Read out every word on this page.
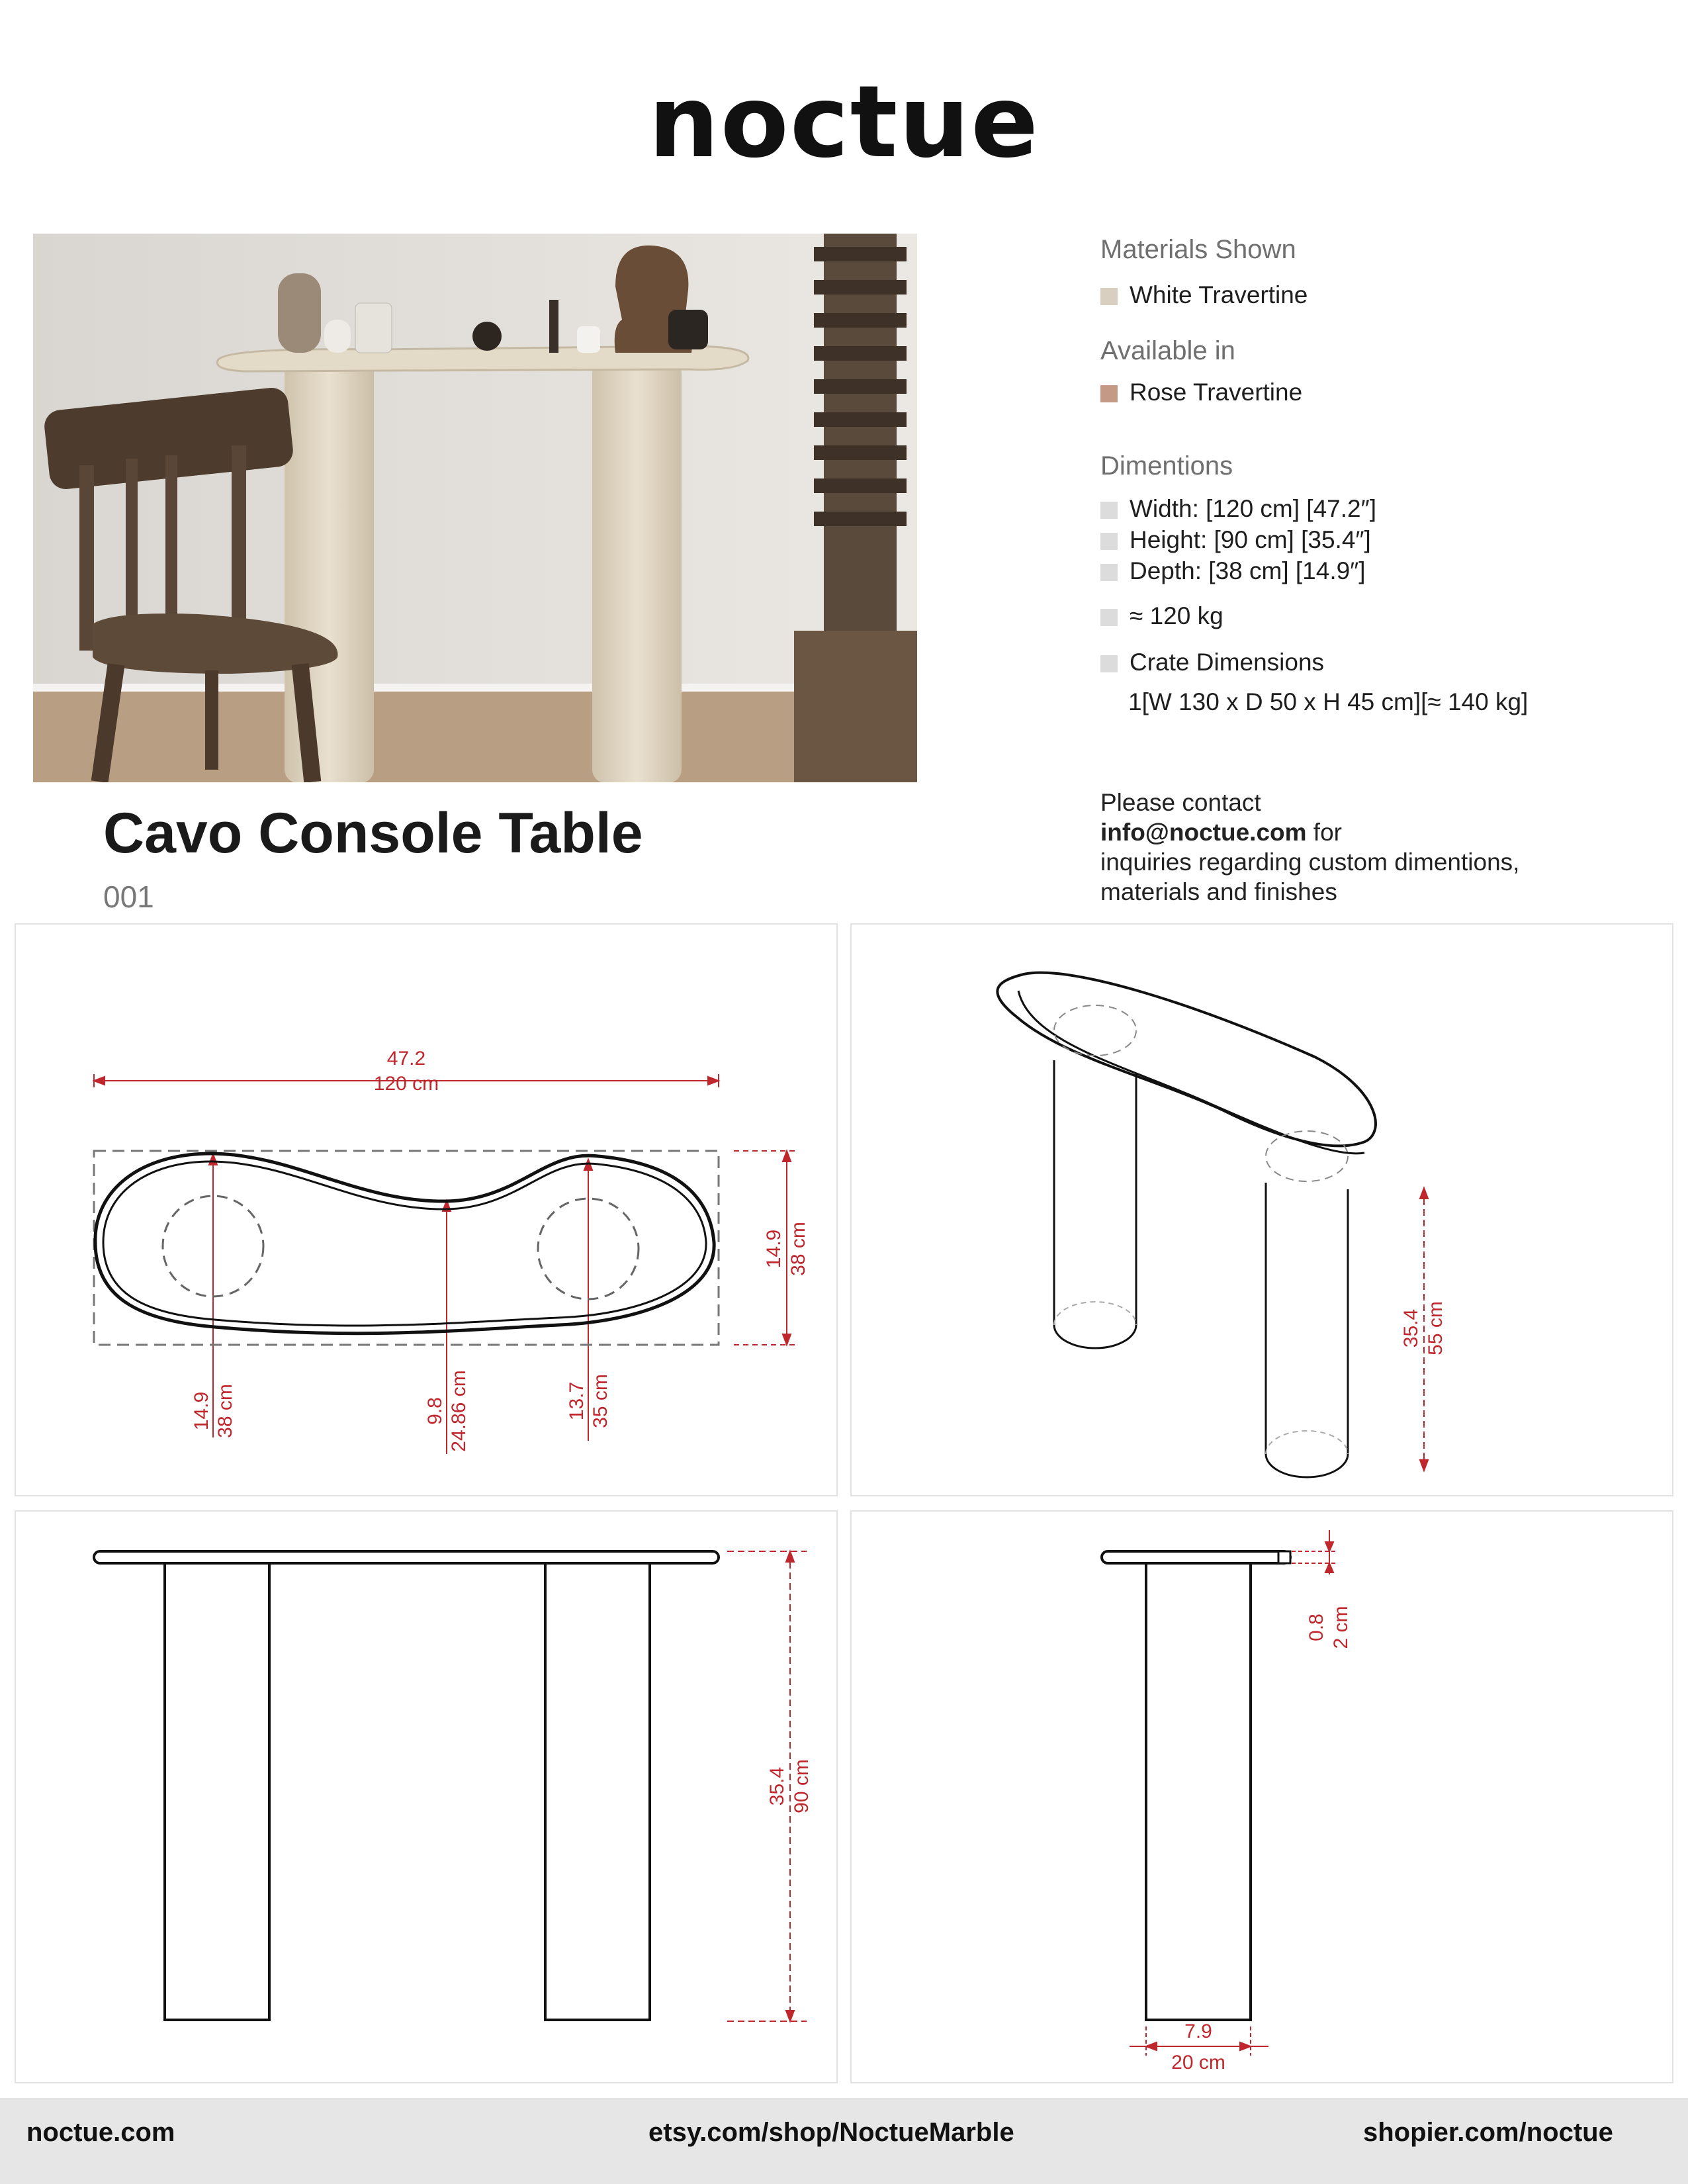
noctue
Materials Shown
White Travertine
Available in
Rose Travertine
Dimentions
Width: [120 cm] [47.2″]
Height: [90 cm] [35.4″]
Depth: [38 cm] [14.9″]
≈ 120 kg
Crate Dimensions
1[W 130 x D 50 x H 45 cm][≈ 140 kg]
Cavo Console Table
001
Please contact
info@noctue.com for
inquiries regarding custom dimentions,
materials and finishes
47.2
120 cm
14.9 38 cm
14.9 38 cm	9.8 24.86 cm	13.7 35 cm
35.4 55 cm
35.4 90 cm
0.8 2 cm
7.9
20 cm
noctue.com	etsy.com/shop/NoctueMarble	shopier.com/noctue
